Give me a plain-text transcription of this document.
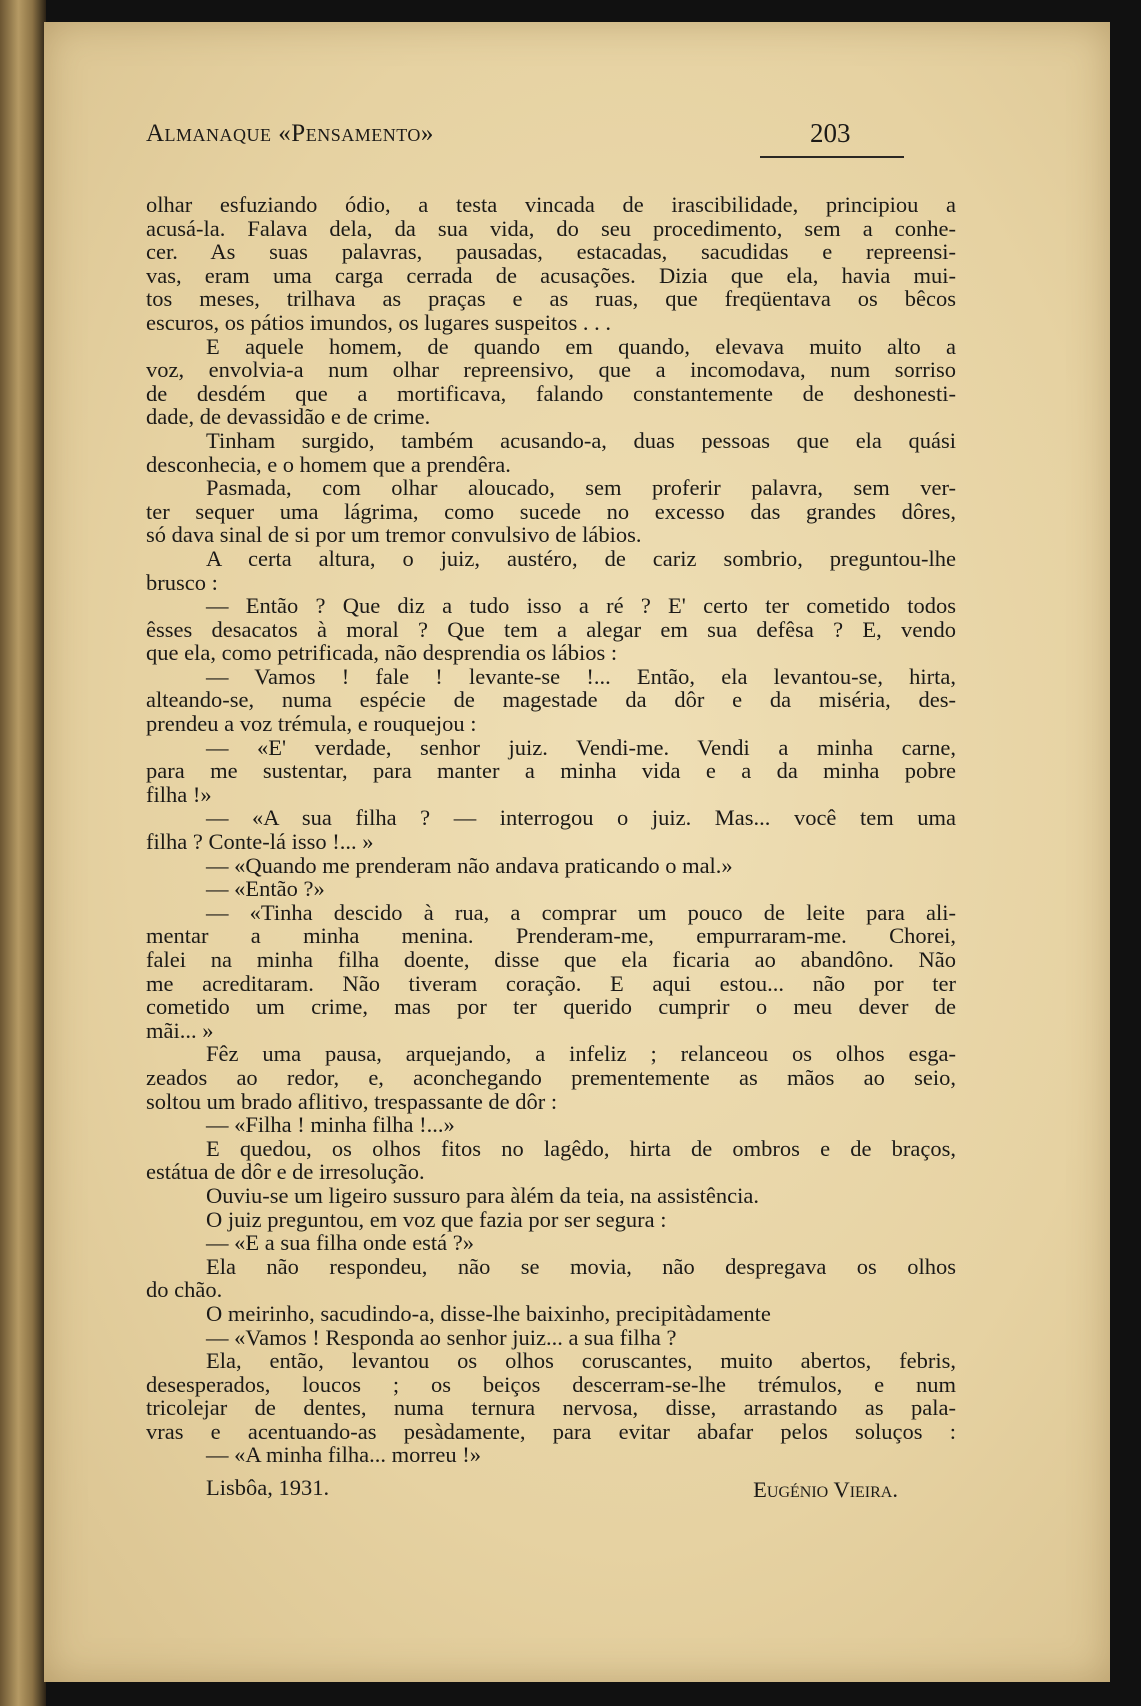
Almanaque «Pensamento»	203
olhar esfuziando ódio, a testa vincada de irascibilidade, principiou a
acusá-la. Falava dela, da sua vida, do seu procedimento, sem a conhe-
cer. As suas palavras, pausadas, estacadas, sacudidas e repreensi-
vas, eram uma carga cerrada de acusações. Dizia que ela, havia mui-
tos meses, trilhava as praças e as ruas, que freqüentava os bêcos
escuros, os pátios imundos, os lugares suspeitos . . .
E aquele homem, de quando em quando, elevava muito alto a
voz, envolvia-a num olhar repreensivo, que a incomodava, num sorriso
de desdém que a mortificava, falando constantemente de deshonesti-
dade, de devassidão e de crime.
Tinham surgido, também acusando-a, duas pessoas que ela quási
desconhecia, e o homem que a prendêra.
Pasmada, com olhar aloucado, sem proferir palavra, sem ver-
ter sequer uma lágrima, como sucede no excesso das grandes dôres,
só dava sinal de si por um tremor convulsivo de lábios.
A certa altura, o juiz, austéro, de cariz sombrio, preguntou-lhe
brusco :
— Então ? Que diz a tudo isso a ré ? E' certo ter cometido todos
êsses desacatos à moral ? Que tem a alegar em sua defêsa ? E, vendo
que ela, como petrificada, não desprendia os lábios :
— Vamos ! fale ! levante-se !... Então, ela levantou-se, hirta,
alteando-se, numa espécie de magestade da dôr e da miséria, des-
prendeu a voz trémula, e rouquejou :
— «E' verdade, senhor juiz. Vendi-me. Vendi a minha carne,
para me sustentar, para manter a minha vida e a da minha pobre
filha !»
— «A sua filha ? — interrogou o juiz. Mas... você tem uma
filha ? Conte-lá isso !... »
— «Quando me prenderam não andava praticando o mal.»
— «Então ?»
— «Tinha descido à rua, a comprar um pouco de leite para ali-
mentar a minha menina. Prenderam-me, empurraram-me. Chorei,
falei na minha filha doente, disse que ela ficaria ao abandôno. Não
me acreditaram. Não tiveram coração. E aqui estou... não por ter
cometido um crime, mas por ter querido cumprir o meu dever de
mãi... »
Fêz uma pausa, arquejando, a infeliz ; relanceou os olhos esga-
zeados ao redor, e, aconchegando prementemente as mãos ao seio,
soltou um brado aflitivo, trespassante de dôr :
— «Filha ! minha filha !...»
E quedou, os olhos fitos no lagêdo, hirta de ombros e de braços,
estátua de dôr e de irresolução.
Ouviu-se um ligeiro sussuro para àlém da teia, na assistência.
O juiz preguntou, em voz que fazia por ser segura :
— «E a sua filha onde está ?»
Ela não respondeu, não se movia, não despregava os olhos
do chão.
O meirinho, sacudindo-a, disse-lhe baixinho, precipitàdamente
— «Vamos ! Responda ao senhor juiz... a sua filha ?
Ela, então, levantou os olhos coruscantes, muito abertos, febris,
desesperados, loucos ; os beiços descerram-se-lhe trémulos, e num
tricolejar de dentes, numa ternura nervosa, disse, arrastando as pala-
vras e acentuando-as pesàdamente, para evitar abafar pelos soluços :
— «A minha filha... morreu !»
Lisbôa, 1931.	Eugénio Vieira.
